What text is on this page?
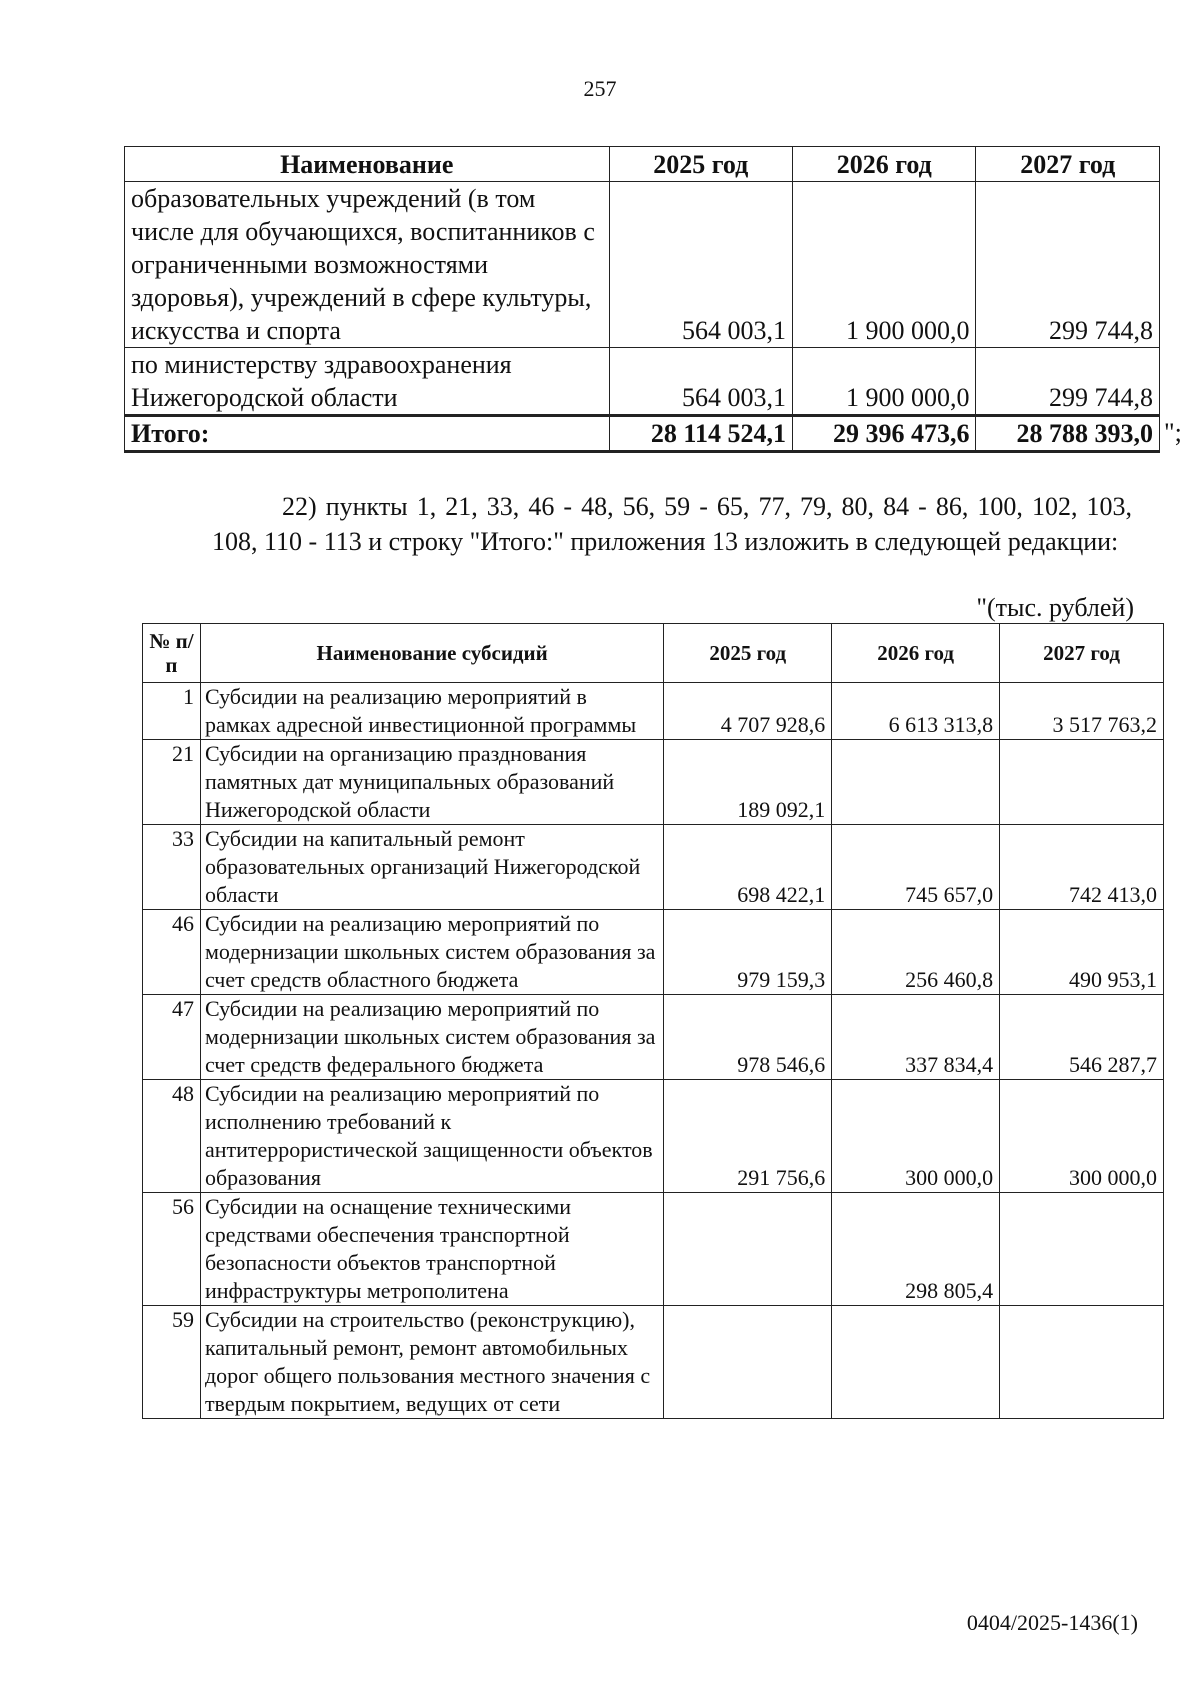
257
Наименование	2025 год	2026 год	2027 год
образовательных учреждений (в том числе для обучающихся, воспитанников с ограниченными возможностями здоровья), учреждений в сфере культуры, искусства и спорта	564 003,1	1 900 000,0	299 744,8
по министерству здравоохранения Нижегородской области	564 003,1	1 900 000,0	299 744,8
Итого:	28 114 524,1	29 396 473,6	28 788 393,0 ";

22) пункты 1, 21, 33, 46 - 48, 56, 59 - 65, 77, 79, 80, 84 - 86, 100, 102, 103, 108, 110 - 113 и строку "Итого:" приложения 13 изложить в следующей редакции:

"(тыс. рублей)
№ п/п	Наименование субсидий	2025 год	2026 год	2027 год
1	Субсидии на реализацию мероприятий в рамках адресной инвестиционной программы	4 707 928,6	6 613 313,8	3 517 763,2
21	Субсидии на организацию празднования памятных дат муниципальных образований Нижегородской области	189 092,1		
33	Субсидии на капитальный ремонт образовательных организаций Нижегородской области	698 422,1	745 657,0	742 413,0
46	Субсидии на реализацию мероприятий по модернизации школьных систем образования за счет средств областного бюджета	979 159,3	256 460,8	490 953,1
47	Субсидии на реализацию мероприятий по модернизации школьных систем образования за счет средств федерального бюджета	978 546,6	337 834,4	546 287,7
48	Субсидии на реализацию мероприятий по исполнению требований к антитеррористической защищенности объектов образования	291 756,6	300 000,0	300 000,0
56	Субсидии на оснащение техническими средствами обеспечения транспортной безопасности объектов транспортной инфраструктуры метрополитена		298 805,4	
59	Субсидии на строительство (реконструкцию), капитальный ремонт, ремонт автомобильных дорог общего пользования местного значения с твердым покрытием, ведущих от сети			
0404/2025-1436(1)
